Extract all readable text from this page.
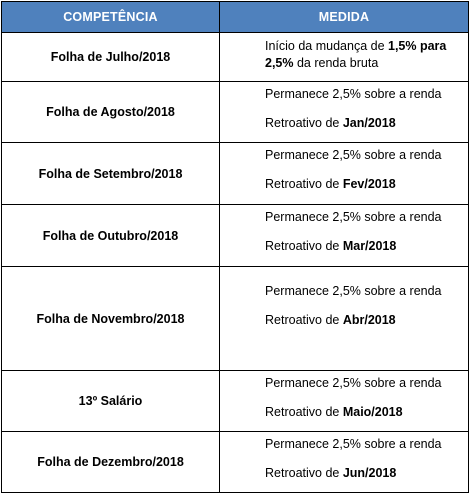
COMPETÊNCIA	MEDIDA
Folha de Julho/2018	Início da mudança de 1,5% para
2,5% da renda bruta

Folha de Agosto/2018	Permanece 2,5% sobre a renda
Retroativo de Jan/2018

Folha de Setembro/2018	Permanece 2,5% sobre a renda
Retroativo de Fev/2018

Folha de Outubro/2018	Permanece 2,5% sobre a renda
Retroativo de Mar/2018

Folha de Novembro/2018	Permanece 2,5% sobre a renda
Retroativo de Abr/2018

13º Salário	Permanece 2,5% sobre a renda
Retroativo de Maio/2018

Folha de Dezembro/2018	Permanece 2,5% sobre a renda
Retroativo de Jun/2018
